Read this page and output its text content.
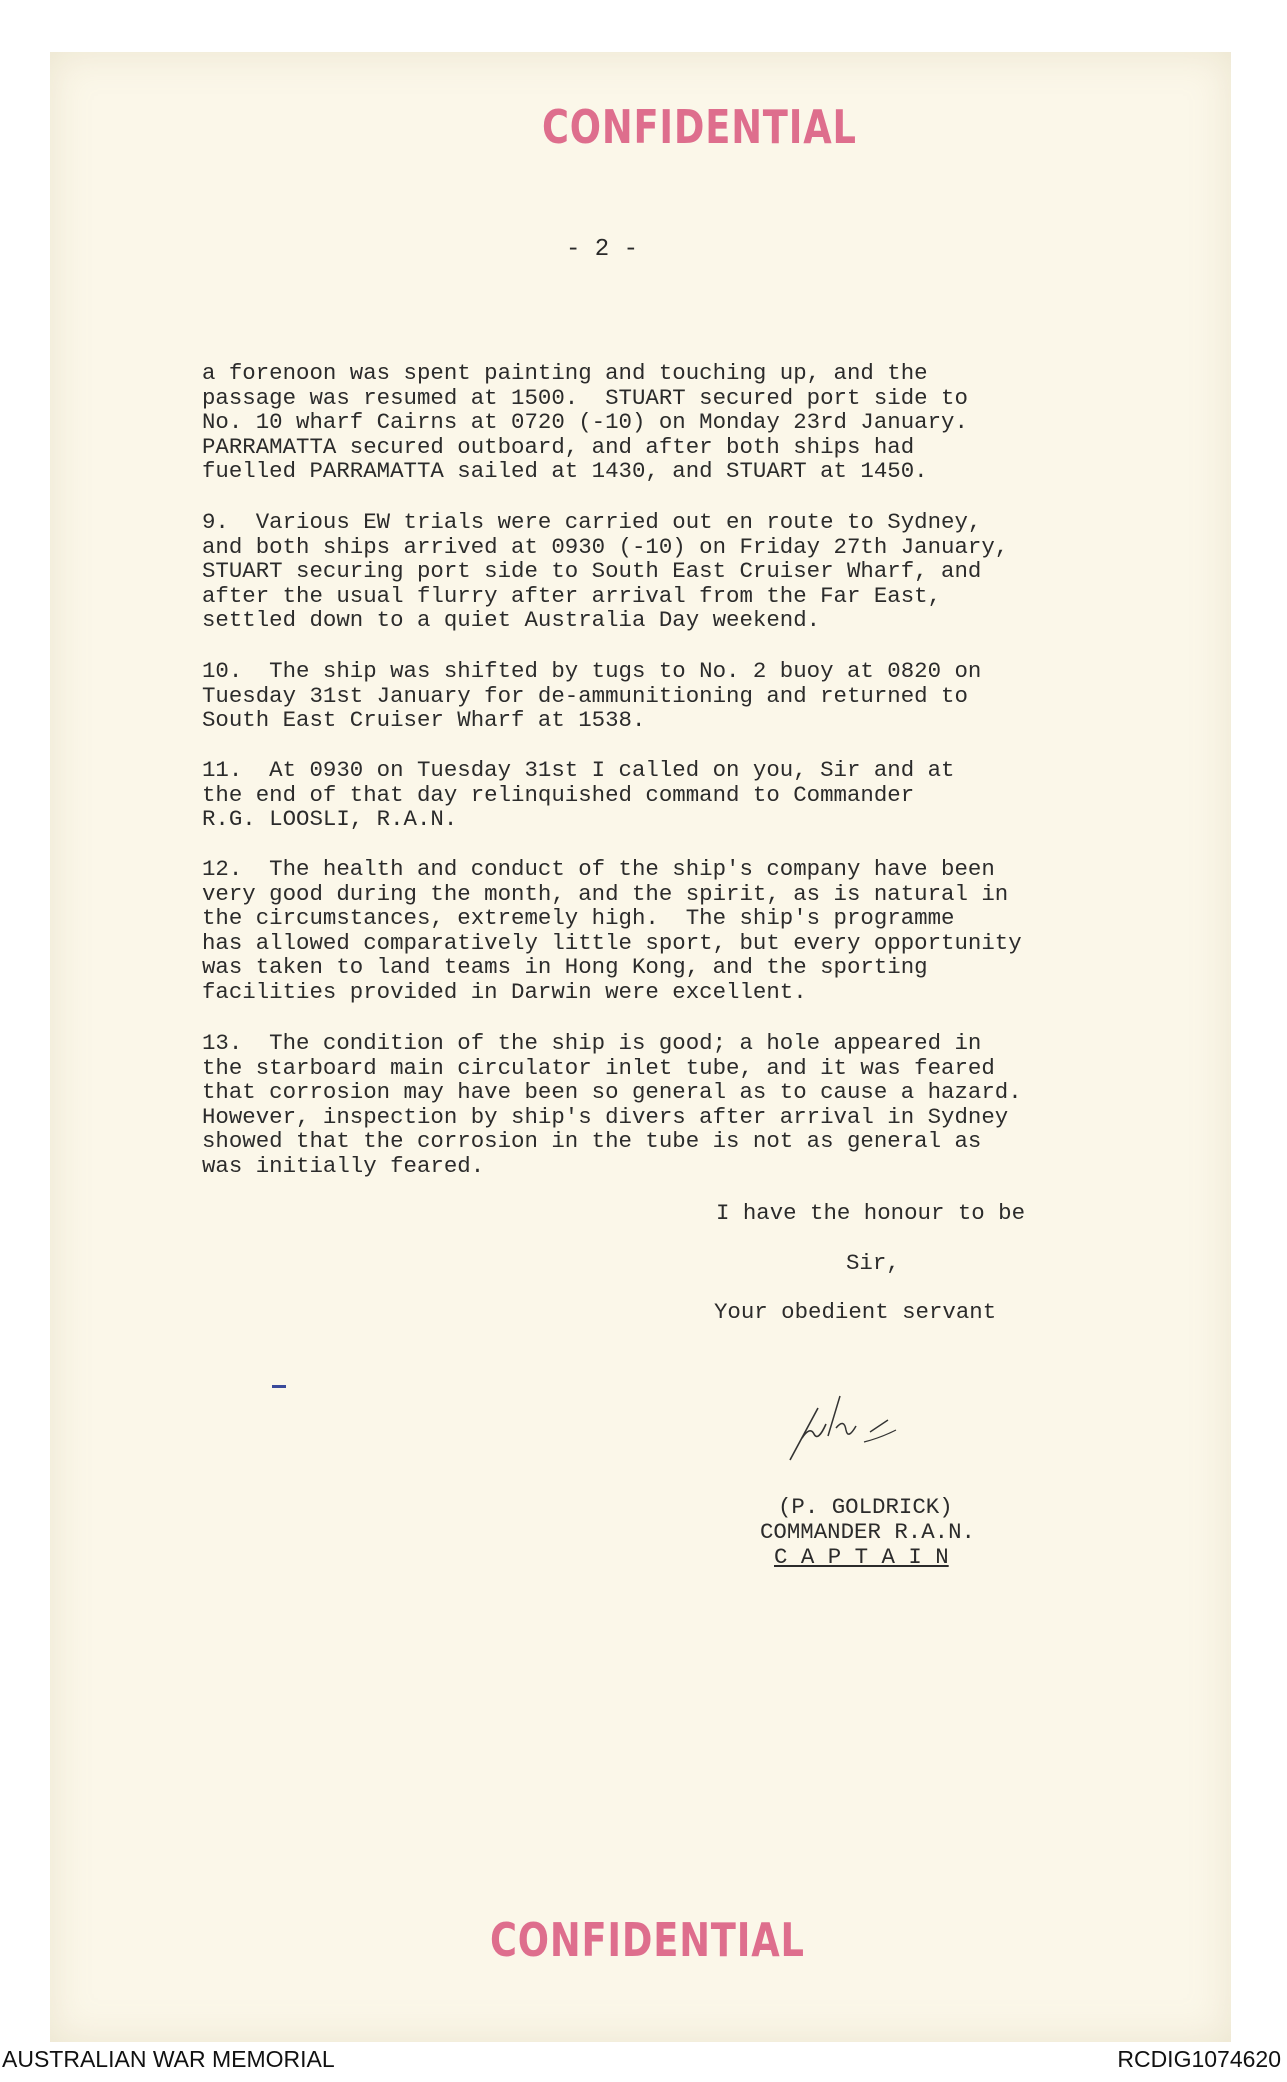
CONFIDENTIAL
- 2 -

a forenoon was spent painting and touching up, and the
passage was resumed at 1500.  STUART secured port side to
No. 10 wharf Cairns at 0720 (-10) on Monday 23rd January.
PARRAMATTA secured outboard, and after both ships had
fuelled PARRAMATTA sailed at 1430, and STUART at 1450.

9.  Various EW trials were carried out en route to Sydney,
and both ships arrived at 0930 (-10) on Friday 27th January,
STUART securing port side to South East Cruiser Wharf, and
after the usual flurry after arrival from the Far East,
settled down to a quiet Australia Day weekend.

10.  The ship was shifted by tugs to No. 2 buoy at 0820 on
Tuesday 31st January for de-ammunitioning and returned to
South East Cruiser Wharf at 1538.

11.  At 0930 on Tuesday 31st I called on you, Sir and at
the end of that day relinquished command to Commander
R.G. LOOSLI, R.A.N.

12.  The health and conduct of the ship's company have been
very good during the month, and the spirit, as is natural in
the circumstances, extremely high.  The ship's programme
has allowed comparatively little sport, but every opportunity
was taken to land teams in Hong Kong, and the sporting
facilities provided in Darwin were excellent.

13.  The condition of the ship is good; a hole appeared in
the starboard main circulator inlet tube, and it was feared
that corrosion may have been so general as to cause a hazard.
However, inspection by ship's divers after arrival in Sydney
showed that the corrosion in the tube is not as general as
was initially feared.

I have the honour to be
Sir,
Your obedient servant
(P. GOLDRICK)
COMMANDER R.A.N.
C A P T A I N
CONFIDENTIAL
AUSTRALIAN WAR MEMORIAL	RCDIG1074620
